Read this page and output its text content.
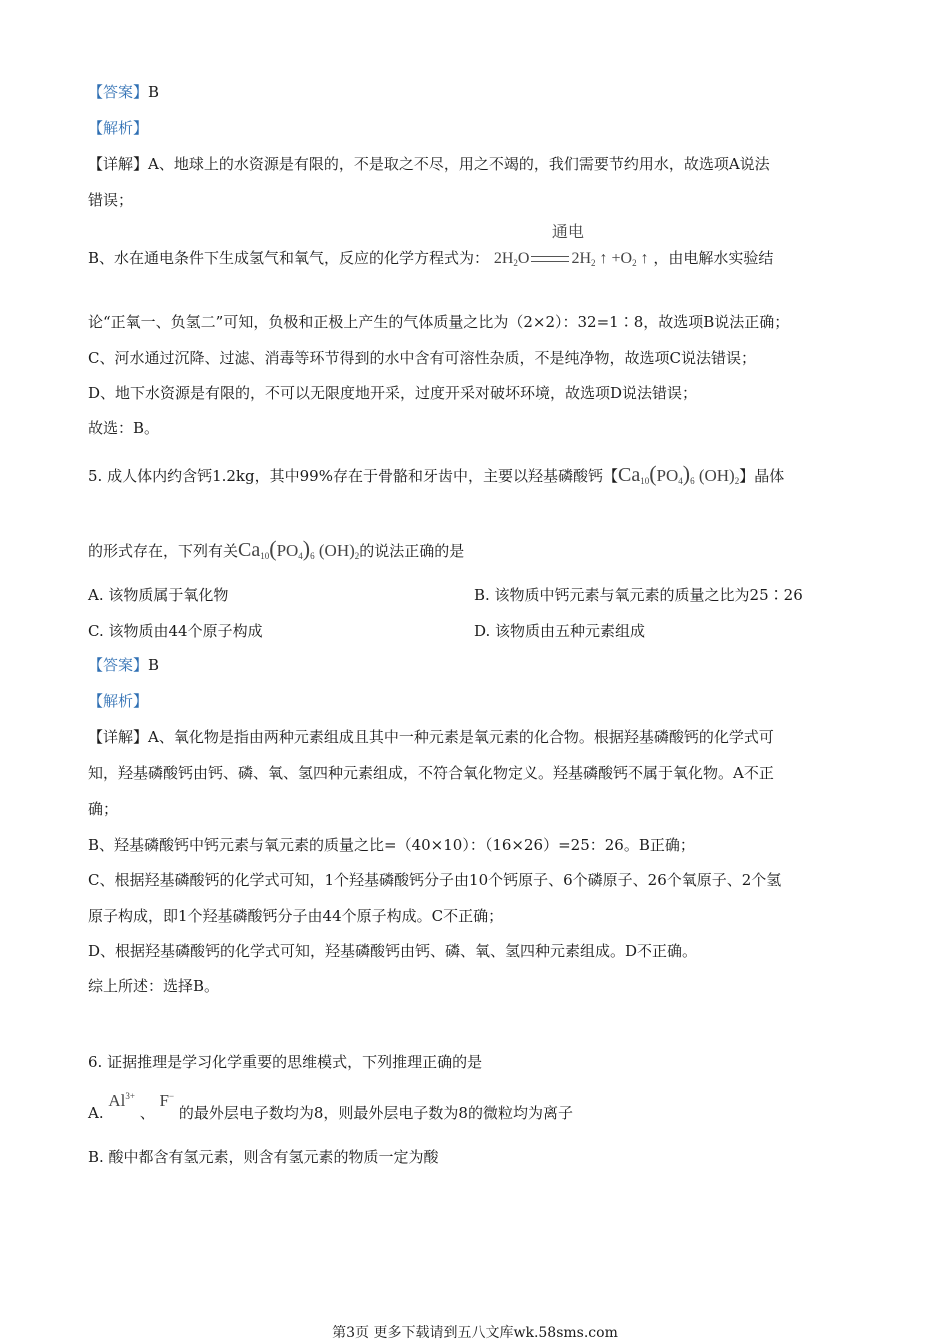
【答案】B
【解析】
【详解】A、地球上的水资源是有限的，不是取之不尽，用之不竭的，我们需要节约用水，故选项A说法
错误；
B、水在通电条件下生成氢气和氧气，反应的化学方程式为：
通电
$2H_2O$	$2H_2$ ↑ $+O_2$ ↑ ，由电解水实验结
论“正氧一、负氢二”可知，负极和正极上产生的气体质量之比为（2×2）：32=1∶8，故选项B说法正确；
C、河水通过沉降、过滤、消毒等环节得到的水中含有可溶性杂质，不是纯净物，故选项C说法错误；
D、地下水资源是有限的，不可以无限度地开采，过度开采对破坏环境，故选项D说法错误；
故选：B。
5. 成人体内约含钙1.2kg，其中99%存在于骨骼和牙齿中，主要以羟基磷酸钙【$Ca_{10}(PO_4)_6$ $(OH)_2$】晶体
的形式存在，下列有关$Ca_{10}(PO_4)_6$ $(OH)_2$的说法正确的是
A. 该物质属于氧化物	B. 该物质中钙元素与氧元素的质量之比为25∶26
C. 该物质由44个原子构成	D. 该物质由五种元素组成
【答案】B
【解析】
【详解】A、氧化物是指由两种元素组成且其中一种元素是氧元素的化合物。根据羟基磷酸钙的化学式可
知，羟基磷酸钙由钙、磷、氧、氢四种元素组成，不符合氧化物定义。羟基磷酸钙不属于氧化物。A不正
确；
B、羟基磷酸钙中钙元素与氧元素的质量之比=（40×10）：（16×26）=25：26。B正确；
C、根据羟基磷酸钙的化学式可知，1个羟基磷酸钙分子由10个钙原子、6个磷原子、26个氧原子、2个氢
原子构成，即1个羟基磷酸钙分子由44个原子构成。C不正确；
D、根据羟基磷酸钙的化学式可知，羟基磷酸钙由钙、磷、氧、氢四种元素组成。D不正确。
综上所述：选择B。
6. 证据推理是学习化学重要的思维模式，下列推理正确的是
A. $Al^{3+}$ 、 F− 的最外层电子数均为8，则最外层电子数为8的微粒均为离子
B. 酸中都含有氢元素，则含有氢元素的物质一定为酸
第3页 更多下载请到五八文库wk.58sms.com
